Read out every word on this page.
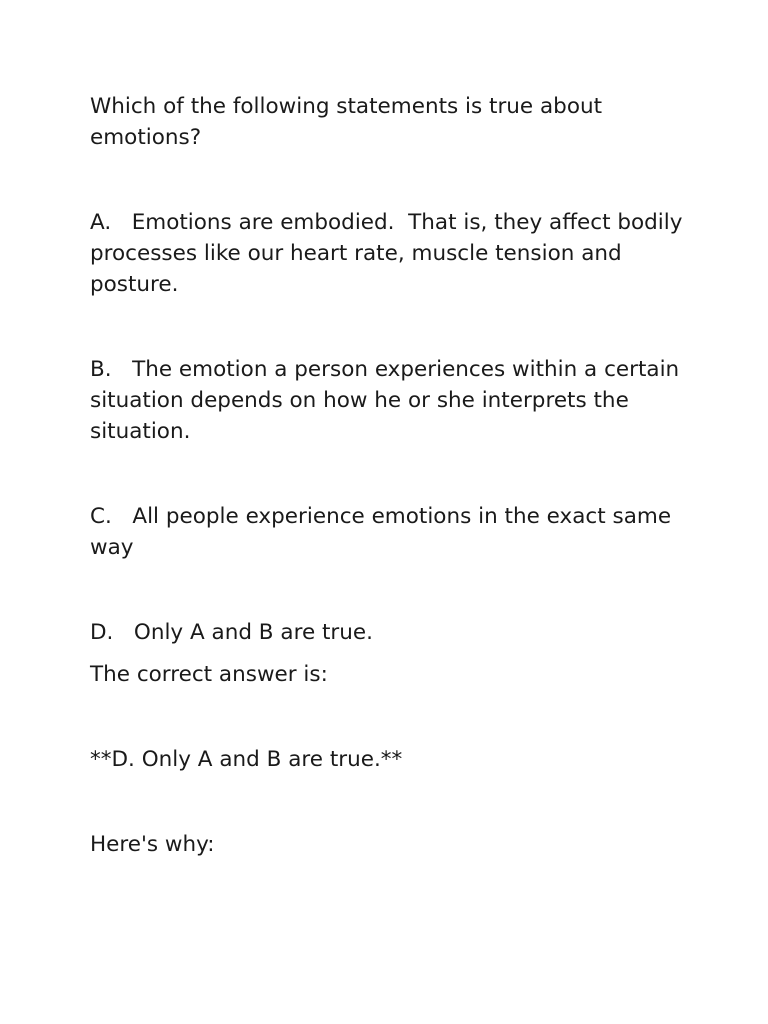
Which of the following statements is true about emotions?

A. Emotions are embodied.  That is, they affect bodily processes like our heart rate, muscle tension and posture.

B. The emotion a person experiences within a certain situation depends on how he or she interprets the situation.

C. All people experience emotions in the exact same way

D. Only A and B are true.

The correct answer is:

**D. Only A and B are true.**

Here's why:
